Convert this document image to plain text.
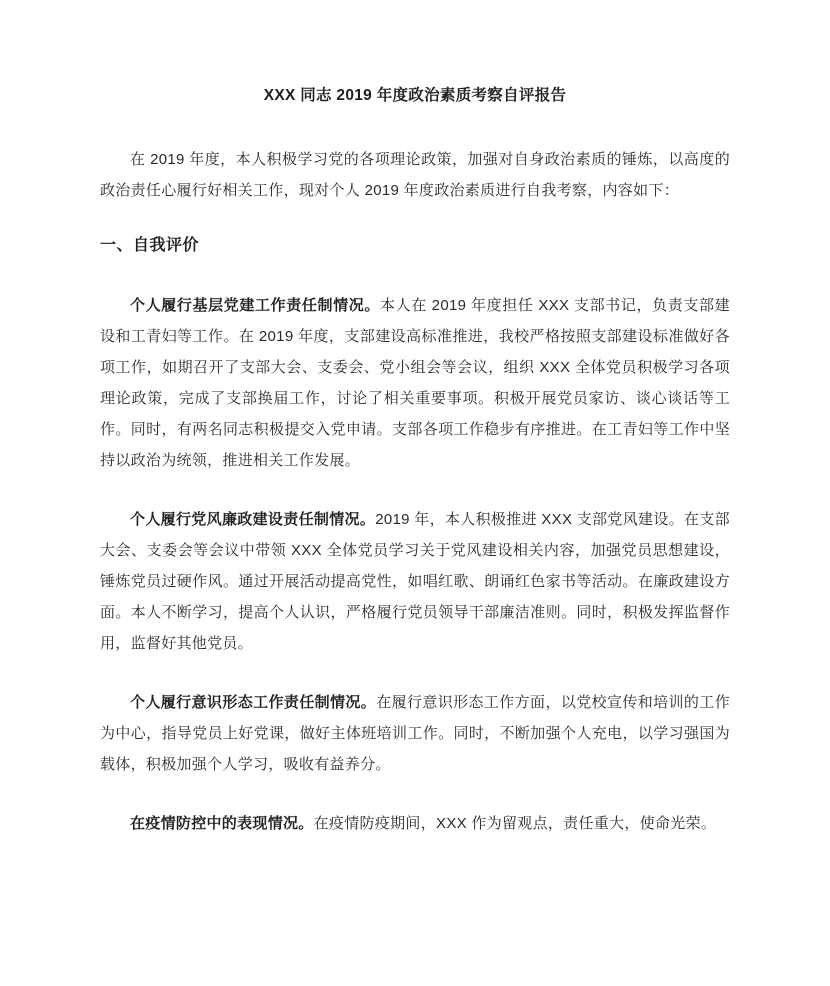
XXX 同志 2019 年度政治素质考察自评报告

在 2019 年度，本人积极学习党的各项理论政策，加强对自身政治素质的锤炼，以高度的政治责任心履行好相关工作，现对个人 2019 年度政治素质进行自我考察，内容如下：

一、自我评价

个人履行基层党建工作责任制情况。本人在 2019 年度担任 XXX 支部书记，负责支部建设和工青妇等工作。在 2019 年度，支部建设高标准推进，我校严格按照支部建设标准做好各项工作，如期召开了支部大会、支委会、党小组会等会议，组织 XXX 全体党员积极学习各项理论政策，完成了支部换届工作，讨论了相关重要事项。积极开展党员家访、谈心谈话等工作。同时，有两名同志积极提交入党申请。支部各项工作稳步有序推进。在工青妇等工作中坚持以政治为统领，推进相关工作发展。

个人履行党风廉政建设责任制情况。2019 年，本人积极推进 XXX 支部党风建设。在支部大会、支委会等会议中带领 XXX 全体党员学习关于党风建设相关内容，加强党员思想建设，锤炼党员过硬作风。通过开展活动提高党性，如唱红歌、朗诵红色家书等活动。在廉政建设方面。本人不断学习，提高个人认识，严格履行党员领导干部廉洁准则。同时，积极发挥监督作用，监督好其他党员。

个人履行意识形态工作责任制情况。在履行意识形态工作方面，以党校宣传和培训的工作为中心，指导党员上好党课，做好主体班培训工作。同时，不断加强个人充电，以学习强国为载体，积极加强个人学习，吸收有益养分。

在疫情防控中的表现情况。在疫情防疫期间，XXX 作为留观点，责任重大，使命光荣。
